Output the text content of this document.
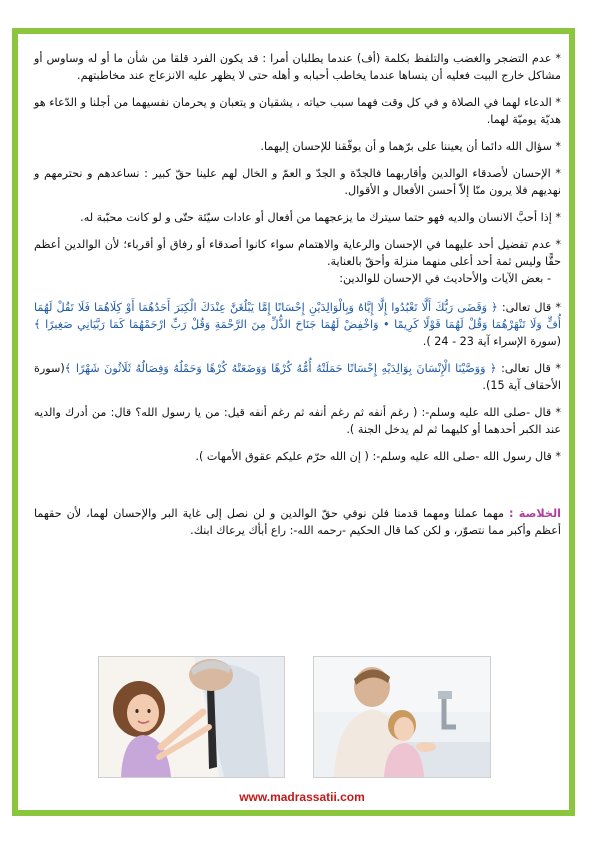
* عدم التضجر والغضب والتلفظ بكلمة (أف) عندما يطلبان أمرا : قد يكون الفرد قلقا من شأن ما أو له وساوس أو مشاكل خارج البيت فعليه أن ينساها عندما يخاطب أحبابه و أهله حتى لا يظهر عليه الانزعاج عند مخاطبتهم.

* الدعاء لهما في الصلاة و في كل وقت فهما سبب حياته ، يشقيان و يتعبان و يحرمان نفسيهما من أجلنا و الدّعاء هو هديّة يوميّة لهما.

* سؤال الله دائما أن يعيننا على برّهما و أن يوفّقنا للإحسان إليهما.

* الإحسان لأصدقاء الوالدين وأقاربهما فالجدّة و الجدّ و العمّ و الخال لهم علينا حقّ كبير : نساعدهم و نحترمهم و نهديهم فلا يرون منّا إلاّ أحسن الأفعال و الأقوال.

* إذا أحبَّ الانسان والديه فهو حتما سيترك ما يزعجهما من أفعال أو عادات سيّئة حتّى و لو كانت محبّبة له.

* عدم تفضيل أحد عليهما في الإحسان والرعاية والاهتمام سواء كانوا أصدقاء أو رفاق أو أقرباء؛ لأن الوالدين أعظم حقًّا وليس ثمة أحد أعلى منهما منزلة وأحقّ بالعناية.

- بعض الآيات والأحاديث في الإحسان للوالدين:

* قال تعالى: ﴿ وَقَضَى رَبُّكَ أَلَّا تَعْبُدُوا إِلَّا إِيَّاهُ وَبِالْوَالِدَيْنِ إِحْسَانًا إِمَّا يَبْلُغَنَّ عِنْدَكَ الْكِبَرَ أَحَدُهُمَا أَوْ كِلَاهُمَا فَلَا تَقُلْ لَهُمَا أُفٍّ وَلَا تَنْهَرْهُمَا وَقُلْ لَهُمَا قَوْلًا كَرِيمًا • وَاخْفِضْ لَهُمَا جَنَاحَ الذُّلِّ مِنَ الرَّحْمَةِ وَقُلْ رَبِّ ارْحَمْهُمَا كَمَا رَبَّيَانِي صَغِيرًا ﴾ (سورة الإسراء آية 23 - 24 ).

* قال تعالى: ﴿ وَوَصَّيْنَا الْإِنْسَانَ بِوَالِدَيْهِ إِحْسَانًا حَمَلَتْهُ أُمُّهُ كُرْهًا وَوَضَعَتْهُ كُرْهًا وَحَمْلُهُ وَفِصَالُهُ ثَلَاثُونَ شَهْرًا ﴾(سورة الأحقاف آية 15).

* قال -صلى الله عليه وسلم-: ( رغم أنفه ثم رغم أنفه ثم رغم أنفه قيل: من يا رسول الله؟ قال: من أدرك والديه عند الكبر أحدهما أو كليهما ثم لم يدخل الجنة ).

* قال رسول الله -صلى الله عليه وسلم-: ( إن الله حرّم عليكم عقوق الأمهات ).

الخلاصة : مهما عملنا ومهما قدمنا فلن نوفي حقّ الوالدين و لن نصل إلى غاية البر والإحسان لهما، لأن حقهما أعظم وأكبر مما نتصوّر، و لكن كما قال الحكيم -رحمه الله-: راع أبأك يرعاك ابنك.

www.madrassatii.com
